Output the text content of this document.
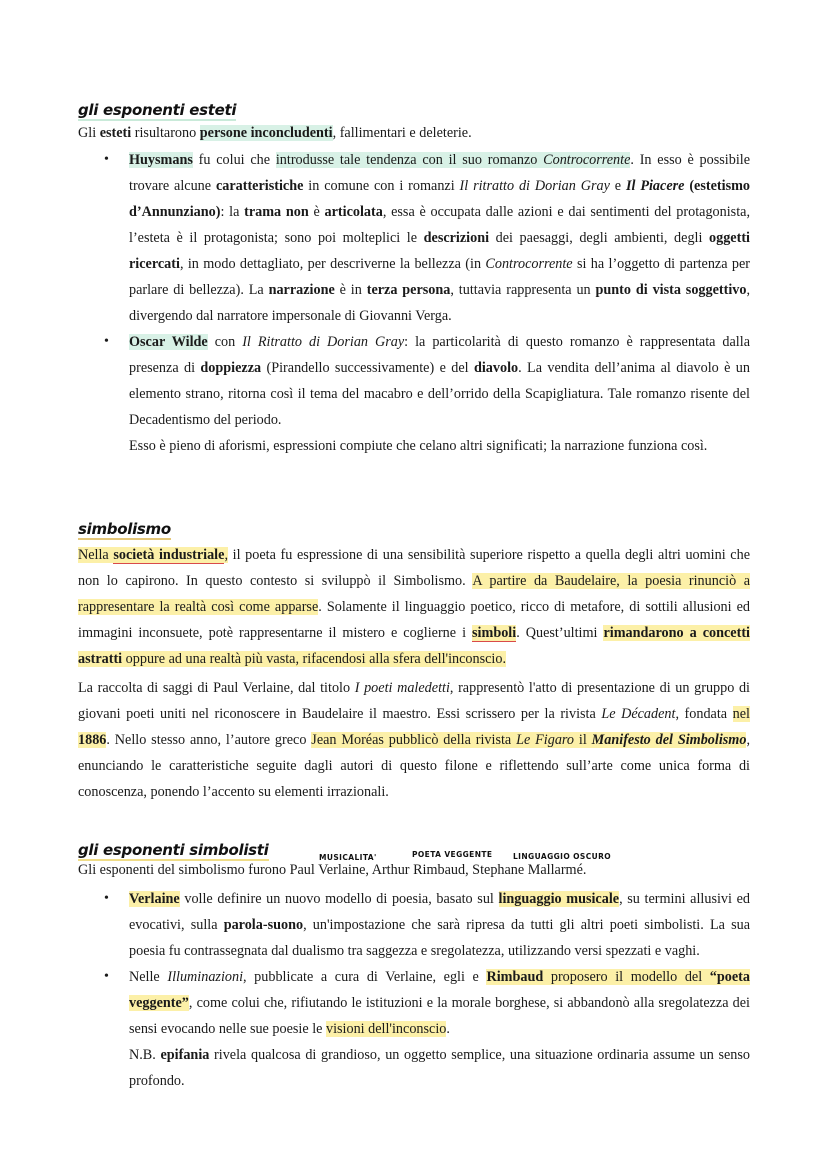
gli esponenti esteti

Gli esteti risultarono persone inconcludenti, fallimentari e deleterie.

• Huysmans fu colui che introdusse tale tendenza con il suo romanzo Controcorrente. In esso è possibile trovare alcune caratteristiche in comune con i romanzi Il ritratto di Dorian Gray e Il Piacere (estetismo d’Annunziano): la trama non è articolata, essa è occupata dalle azioni e dai sentimenti del protagonista, l’esteta è il protagonista; sono poi molteplici le descrizioni dei paesaggi, degli ambienti, degli oggetti ricercati, in modo dettagliato, per descriverne la bellezza (in Controcorrente si ha l’oggetto di partenza per parlare di bellezza). La narrazione è in terza persona, tuttavia rappresenta un punto di vista soggettivo, divergendo dal narratore impersonale di Giovanni Verga.
• Oscar Wilde con Il Ritratto di Dorian Gray: la particolarità di questo romanzo è rappresentata dalla presenza di doppiezza (Pirandello successivamente) e del diavolo. La vendita dell’anima al diavolo è un elemento strano, ritorna così il tema del macabro e dell’orrido della Scapigliatura. Tale romanzo risente del Decadentismo del periodo.
Esso è pieno di aforismi, espressioni compiute che celano altri significati; la narrazione funziona così.
simbolismo

Nella società industriale, il poeta fu espressione di una sensibilità superiore rispetto a quella degli altri uomini che non lo capirono. In questo contesto si sviluppò il Simbolismo. A partire da Baudelaire, la poesia rinunciò a rappresentare la realtà così come apparse. Solamente il linguaggio poetico, ricco di metafore, di sottili allusioni ed immagini inconsuete, potè rappresentarne il mistero e coglierne i simboli. Quest’ultimi rimandarono a concetti astratti oppure ad una realtà più vasta, rifacendosi alla sfera dell'inconscio.

La raccolta di saggi di Paul Verlaine, dal titolo I poeti maledetti, rappresentò l'atto di presentazione di un gruppo di giovani poeti uniti nel riconoscere in Baudelaire il maestro. Essi scrissero per la rivista Le Décadent, fondata nel 1886. Nello stesso anno, l’autore greco Jean Moréas pubblicò della rivista Le Figaro il Manifesto del Simbolismo, enunciando le caratteristiche seguite dagli autori di questo filone e riflettendo sull’arte come unica forma di conoscenza, ponendo l’accento su elementi irrazionali.

gli esponenti simbolisti	MUSICALITA'	POETA VEGGENTE	LINGUAGGIO OSCURO

Gli esponenti del simbolismo furono Paul Verlaine, Arthur Rimbaud, Stephane Mallarmé.

• Verlaine volle definire un nuovo modello di poesia, basato sul linguaggio musicale, su termini allusivi ed evocativi, sulla parola-suono, un'impostazione che sarà ripresa da tutti gli altri poeti simbolisti. La sua poesia fu contrassegnata dal dualismo tra saggezza e sregolatezza, utilizzando versi spezzati e vaghi.
• Nelle Illuminazioni, pubblicate a cura di Verlaine, egli e Rimbaud proposero il modello del “poeta veggente”, come colui che, rifiutando le istituzioni e la morale borghese, si abbandonò alla sregolatezza dei sensi evocando nelle sue poesie le visioni dell'inconscio.
N.B. epifania rivela qualcosa di grandioso, un oggetto semplice, una situazione ordinaria assume un senso profondo.
